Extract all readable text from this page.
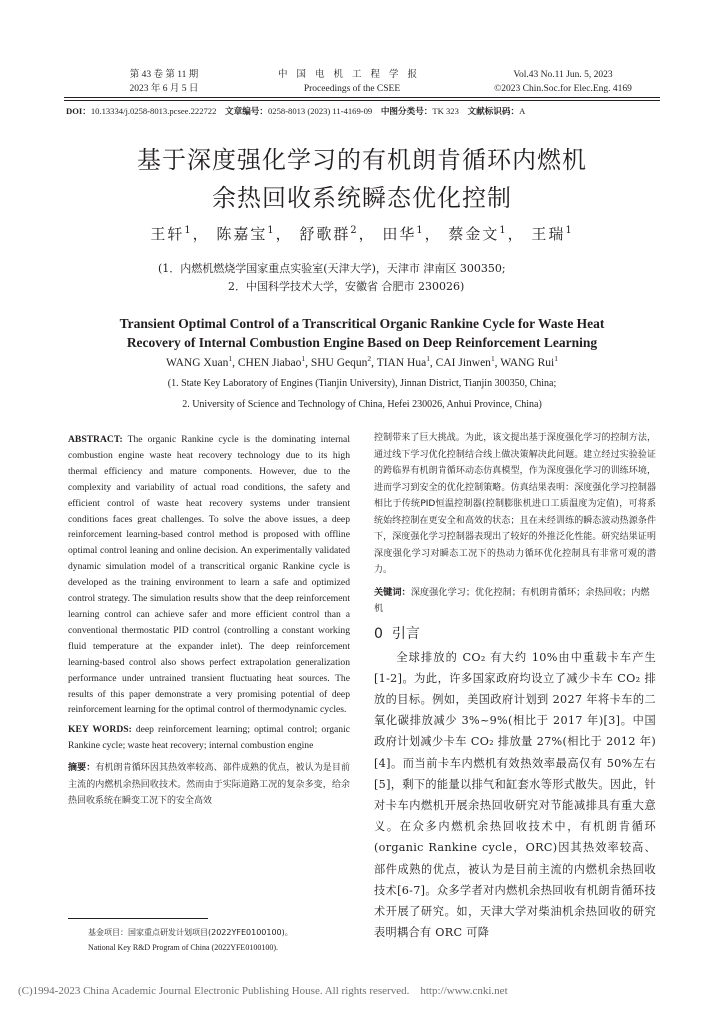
第 43 卷 第 11 期
2023 年 6 月 5 日
中国电机工程学报
Proceedings of the CSEE
Vol.43 No.11 Jun. 5, 2023
©2023 Chin.Soc.for Elec.Eng. 4169
DOI：10.13334/j.0258-8013.pcsee.222722 文章编号：0258-8013 (2023) 11-4169-09 中图分类号：TK 323 文献标识码：A
基于深度强化学习的有机朗肯循环内燃机
余热回收系统瞬态优化控制
王轩$^1$， 陈嘉宝$^1$， 舒歌群$^2$， 田华$^1$， 蔡金文$^1$， 王瑞$^1$
(1．内燃机燃烧学国家重点实验室(天津大学)，天津市 津南区 300350;
2．中国科学技术大学，安徽省 合肥市 230026)
Transient Optimal Control of a Transcritical Organic Rankine Cycle for Waste Heat
Recovery of Internal Combustion Engine Based on Deep Reinforcement Learning
WANG Xuan$^1$, CHEN Jiabao$^1$, SHU Gequn$^2$, TIAN Hua$^1$, CAI Jinwen$^1$, WANG Rui$^1$
(1. State Key Laboratory of Engines (Tianjin University), Jinnan District, Tianjin 300350, China;
2. University of Science and Technology of China, Hefei 230026, Anhui Province, China)

ABSTRACT: The organic Rankine cycle is the dominating internal combustion engine waste heat recovery technology due to its high thermal efficiency and mature components. However, due to the complexity and variability of actual road conditions, the safety and efficient control of waste heat recovery systems under transient conditions faces great challenges. To solve the above issues, a deep reinforcement learning-based control method is proposed with offline optimal control leaning and online decision. An experimentally validated dynamic simulation model of a transcritical organic Rankine cycle is developed as the training environment to learn a safe and optimized control strategy. The simulation results show that the deep reinforcement learning control can achieve safer and more efficient control than a conventional thermostatic PID control (controlling a constant working fluid temperature at the expander inlet). The deep reinforcement learning-based control also shows perfect extrapolation generalization performance under untrained transient fluctuating heat sources. The results of this paper demonstrate a very promising potential of deep reinforcement learning for the optimal control of thermodynamic cycles.

KEY WORDS: deep reinforcement learning; optimal control; organic Rankine cycle; waste heat recovery; internal combustion engine

摘要：有机朗肯循环因其热效率较高、部件成熟的优点，被认为是目前主流的内燃机余热回收技术。然而由于实际道路工况的复杂多变，给余热回收系统在瞬变工况下的安全高效

基金项目：国家重点研发计划项目(2022YFE0100100)。
National Key R&D Program of China (2022YFE0100100).

控制带来了巨大挑战。为此，该文提出基于深度强化学习的控制方法，通过线下学习优化控制结合线上做决策解决此问题。建立经过实验验证的跨临界有机朗肯循环动态仿真模型，作为深度强化学习的训练环境，进而学习到安全的优化控制策略。仿真结果表明：深度强化学习控制器相比于传统PID恒温控制器(控制膨胀机进口工质温度为定值)，可将系统始终控制在更安全和高效的状态；且在未经训练的瞬态波动热源条件下，深度强化学习控制器表现出了较好的外推泛化性能。研究结果证明深度强化学习对瞬态工况下的热动力循环优化控制具有非常可观的潜力。

关键词：深度强化学习；优化控制；有机朗肯循环；余热回收；内燃机

0 引言

全球排放的 CO₂ 有大约 10%由中重载卡车产生[1-2]。为此，许多国家政府均设立了减少卡车 CO₂ 排放的目标。例如，美国政府计划到 2027 年将卡车的二氧化碳排放减少 3%~9%(相比于 2017 年)[3]。中国政府计划减少卡车 CO₂ 排放量 27%(相比于 2012 年)[4]。而当前卡车内燃机有效热效率最高仅有 50%左右[5]，剩下的能量以排气和缸套水等形式散失。因此，针对卡车内燃机开展余热回收研究对节能减排具有重大意义。在众多内燃机余热回收技术中，有机朗肯循环(organic Rankine cycle，ORC)因其热效率较高、部件成熟的优点，被认为是目前主流的内燃机余热回收技术[6-7]。众多学者对内燃机余热回收有机朗肯循环技术开展了研究。如，天津大学对柴油机余热回收的研究表明耦合有 ORC 可降

(C)1994-2023 China Academic Journal Electronic Publishing House. All rights reserved. http://www.cnki.net
